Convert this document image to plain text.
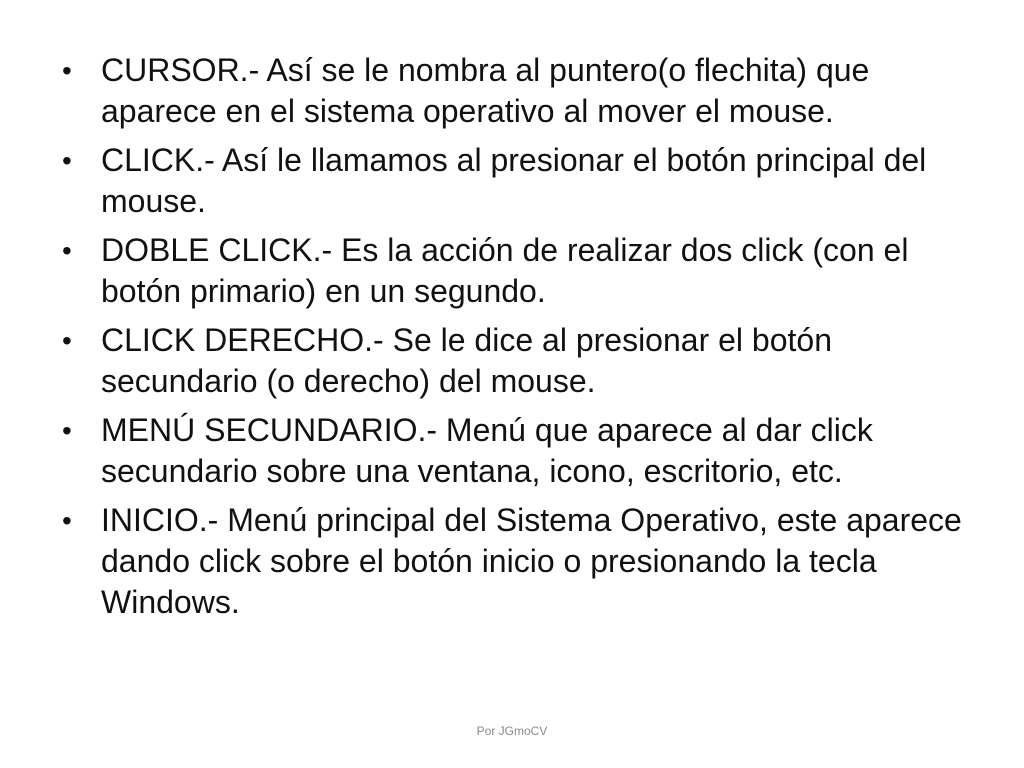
• CURSOR.- Así se le nombra al puntero(o flechita) que aparece en el sistema operativo al mover el mouse.
• CLICK.- Así le llamamos al presionar el botón principal del mouse.
• DOBLE CLICK.- Es la acción de realizar dos click (con el botón primario) en un segundo.
• CLICK DERECHO.- Se le dice al presionar el botón secundario (o derecho) del mouse.
• MENÚ SECUNDARIO.- Menú que aparece al dar click secundario sobre una ventana, icono, escritorio, etc.
• INICIO.- Menú principal del Sistema Operativo, este aparece dando click sobre el botón inicio o presionando la tecla Windows.
Por JGmoCV
